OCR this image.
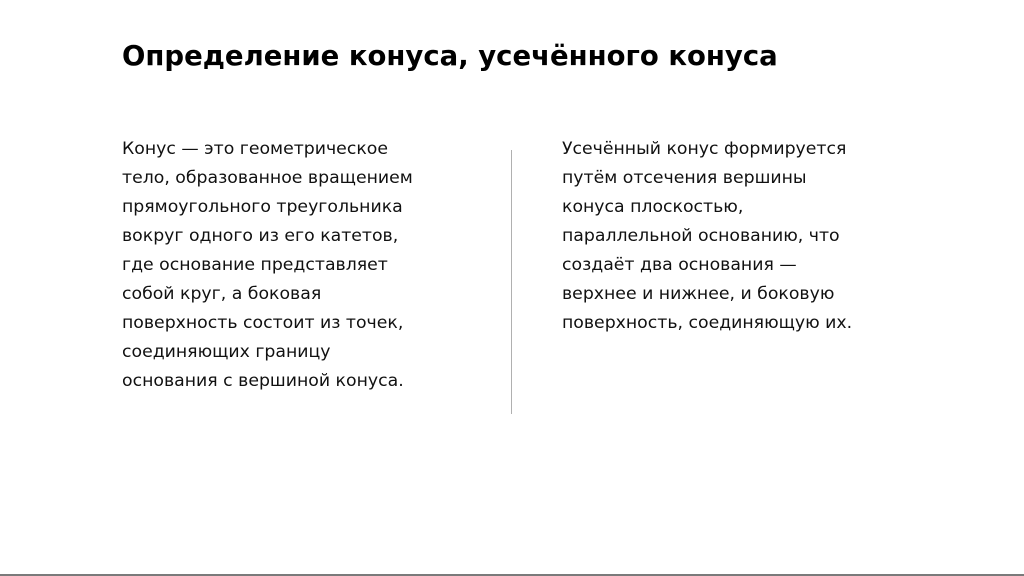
Определение конуса, усечённого конуса
Конус — это геометрическое
тело, образованное вращением
прямоугольного треугольника
вокруг одного из его катетов,
где основание представляет
собой круг, а боковая
поверхность состоит из точек,
соединяющих границу
основания с вершиной конуса.
Усечённый конус формируется
путём отсечения вершины
конуса плоскостью,
параллельной основанию, что
создаёт два основания —
верхнее и нижнее, и боковую
поверхность, соединяющую их.
